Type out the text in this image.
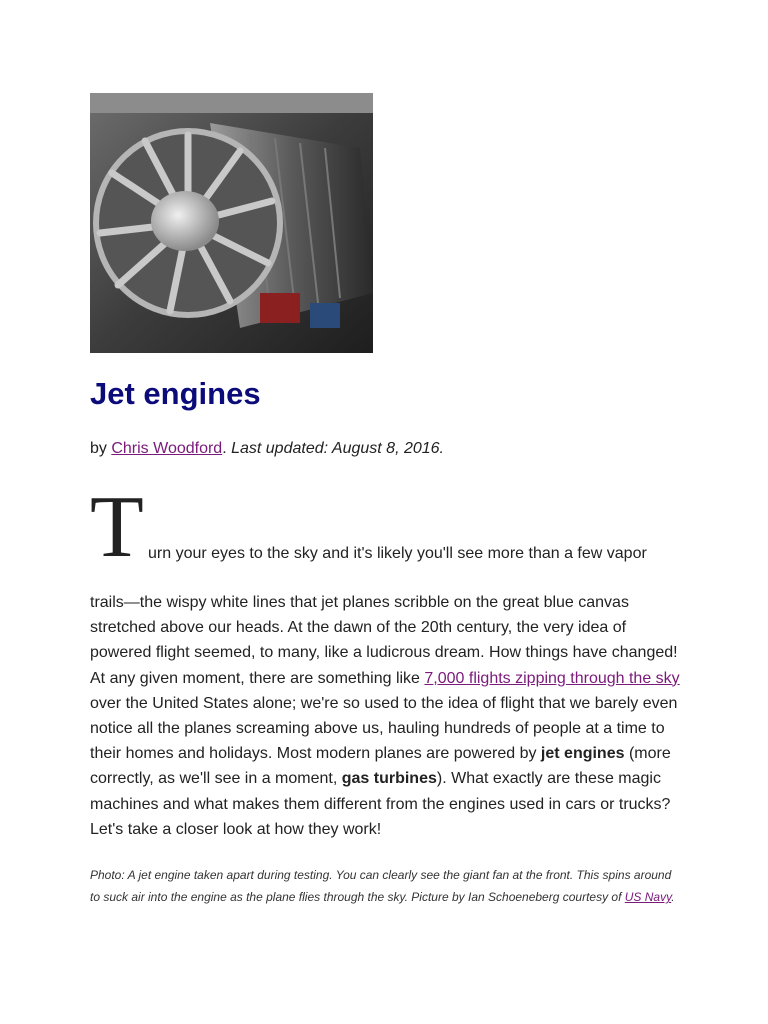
Jet engines
by Chris Woodford. Last updated: August 8, 2016.
T urn your eyes to the sky and it's likely you'll see more than a few vapor

trails—the wispy white lines that jet planes scribble on the great blue canvas stretched above our heads. At the dawn of the 20th century, the very idea of powered flight seemed, to many, like a ludicrous dream. How things have changed! At any given moment, there are something like 7,000 flights zipping through the sky over the United States alone; we're so used to the idea of flight that we barely even notice all the planes screaming above us, hauling hundreds of people at a time to their homes and holidays. Most modern planes are powered by jet engines (more correctly, as we'll see in a moment, gas turbines). What exactly are these magic machines and what makes them different from the engines used in cars or trucks? Let's take a closer look at how they work!

Photo: A jet engine taken apart during testing. You can clearly see the giant fan at the front. This spins around to suck air into the engine as the plane flies through the sky. Picture by Ian Schoeneberg courtesy of US Navy.
